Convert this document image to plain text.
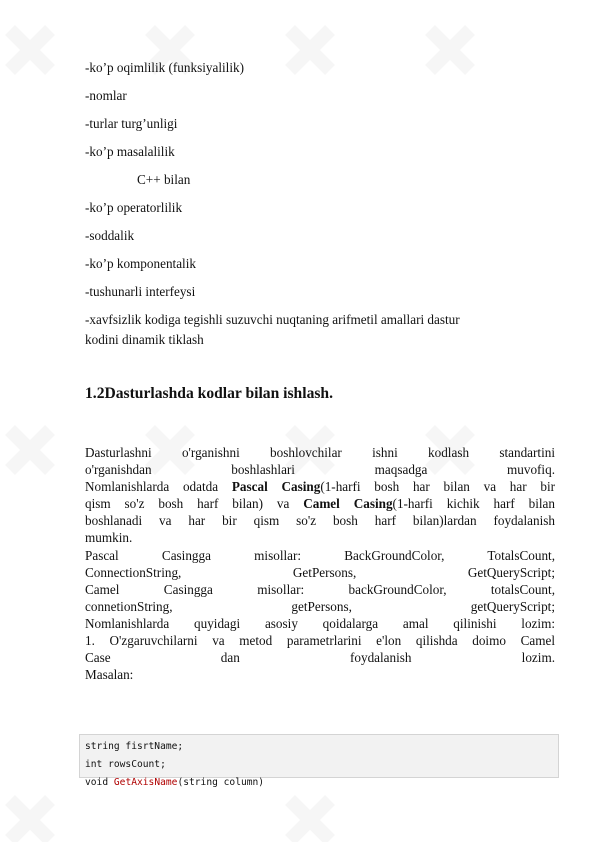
-ko’p oqimlilik (funksiyalilik)
-nomlar
-turlar turg’unligi
-ko’p masalalilik
C++ bilan
-ko’p operatorlilik
-soddalik
-ko’p komponentalik
-tushunarli interfeysi
-xavfsizlik kodiga tegishli suzuvchi nuqtaning arifmetil amallari dastur
kodini dinamik tiklash
1.2Dasturlashda kodlar bilan ishlash.
Dasturlashni o'rganishni boshlovchilar ishni kodlash standartini
o'rganishdan boshlashlari maqsadga muvofiq.
Nomlanishlarda odatda Pascal Casing(1-harfi bosh har bilan va har bir
qism so'z bosh harf bilan) va Camel Casing(1-harfi kichik harf bilan
boshlanadi va har bir qism so'z bosh harf bilan)lardan foydalanish
mumkin.
Pascal Casingga misollar: BackGroundColor, TotalsCount,
ConnectionString, GetPersons, GetQueryScript;
Camel Casingga misollar: backGroundColor, totalsCount,
connetionString, getPersons, getQueryScript;
Nomlanishlarda quyidagi asosiy qoidalarga amal qilinishi lozim:
1. O'zgaruvchilarni va metod parametrlarini e'lon qilishda doimo Camel
Case dan foydalanish lozim.
Masalan:
string fisrtName;
int rowsCount;
void GetAxisName(string column)
